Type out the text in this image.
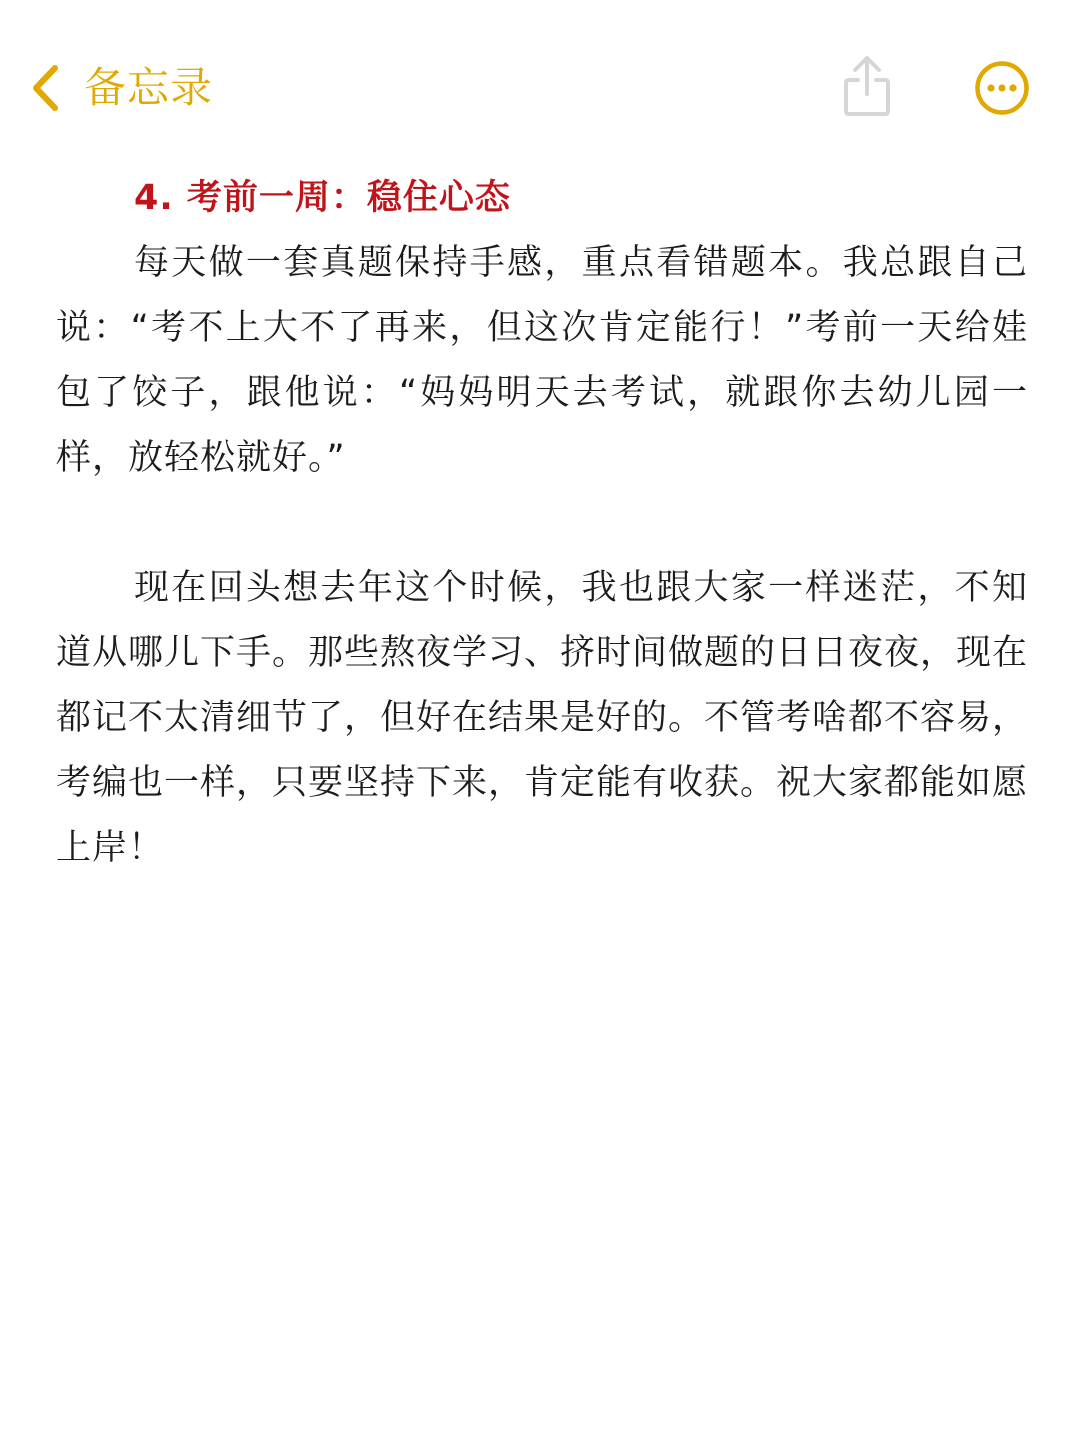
备忘录

4. 考前一周：稳住心态

每天做一套真题保持手感，重点看错题本。我总跟自己说：“考不上大不了再来，但这次肯定能行！”考前一天给娃包了饺子，跟他说：“妈妈明天去考试，就跟你去幼儿园一样，放轻松就好。”

现在回头想去年这个时候，我也跟大家一样迷茫，不知道从哪儿下手。那些熬夜学习、挤时间做题的日日夜夜，现在都记不太清细节了，但好在结果是好的。不管考啥都不容易，考编也一样，只要坚持下来，肯定能有收获。祝大家都能如愿上岸！
